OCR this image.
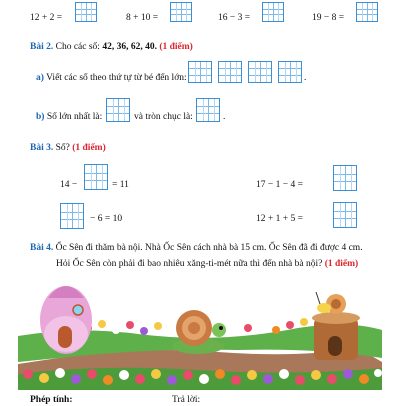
12 + 2 =	8 + 10 =	16 − 3 =	19 − 8 =
Bài 2. Cho các số: 42, 36, 62, 40. (1 điểm)
a) Viết các số theo thứ tự từ bé đến lớn:	.
b) Số lớn nhất là:	và tròn chục là:	.
Bài 3. Số? (1 điểm)
14 −	= 11	17 − 1 − 4 =
− 6 = 10	12 + 1 + 5 =
Bài 4. Ốc Sên đi thăm bà nội. Nhà Ốc Sên cách nhà bà 15 cm. Ốc Sên đã đi được 4 cm.
Hỏi Ốc Sên còn phải đi bao nhiêu xăng-ti-mét nữa thì đến nhà bà nội? (1 điểm)
Phép tính:	Trả lời:
